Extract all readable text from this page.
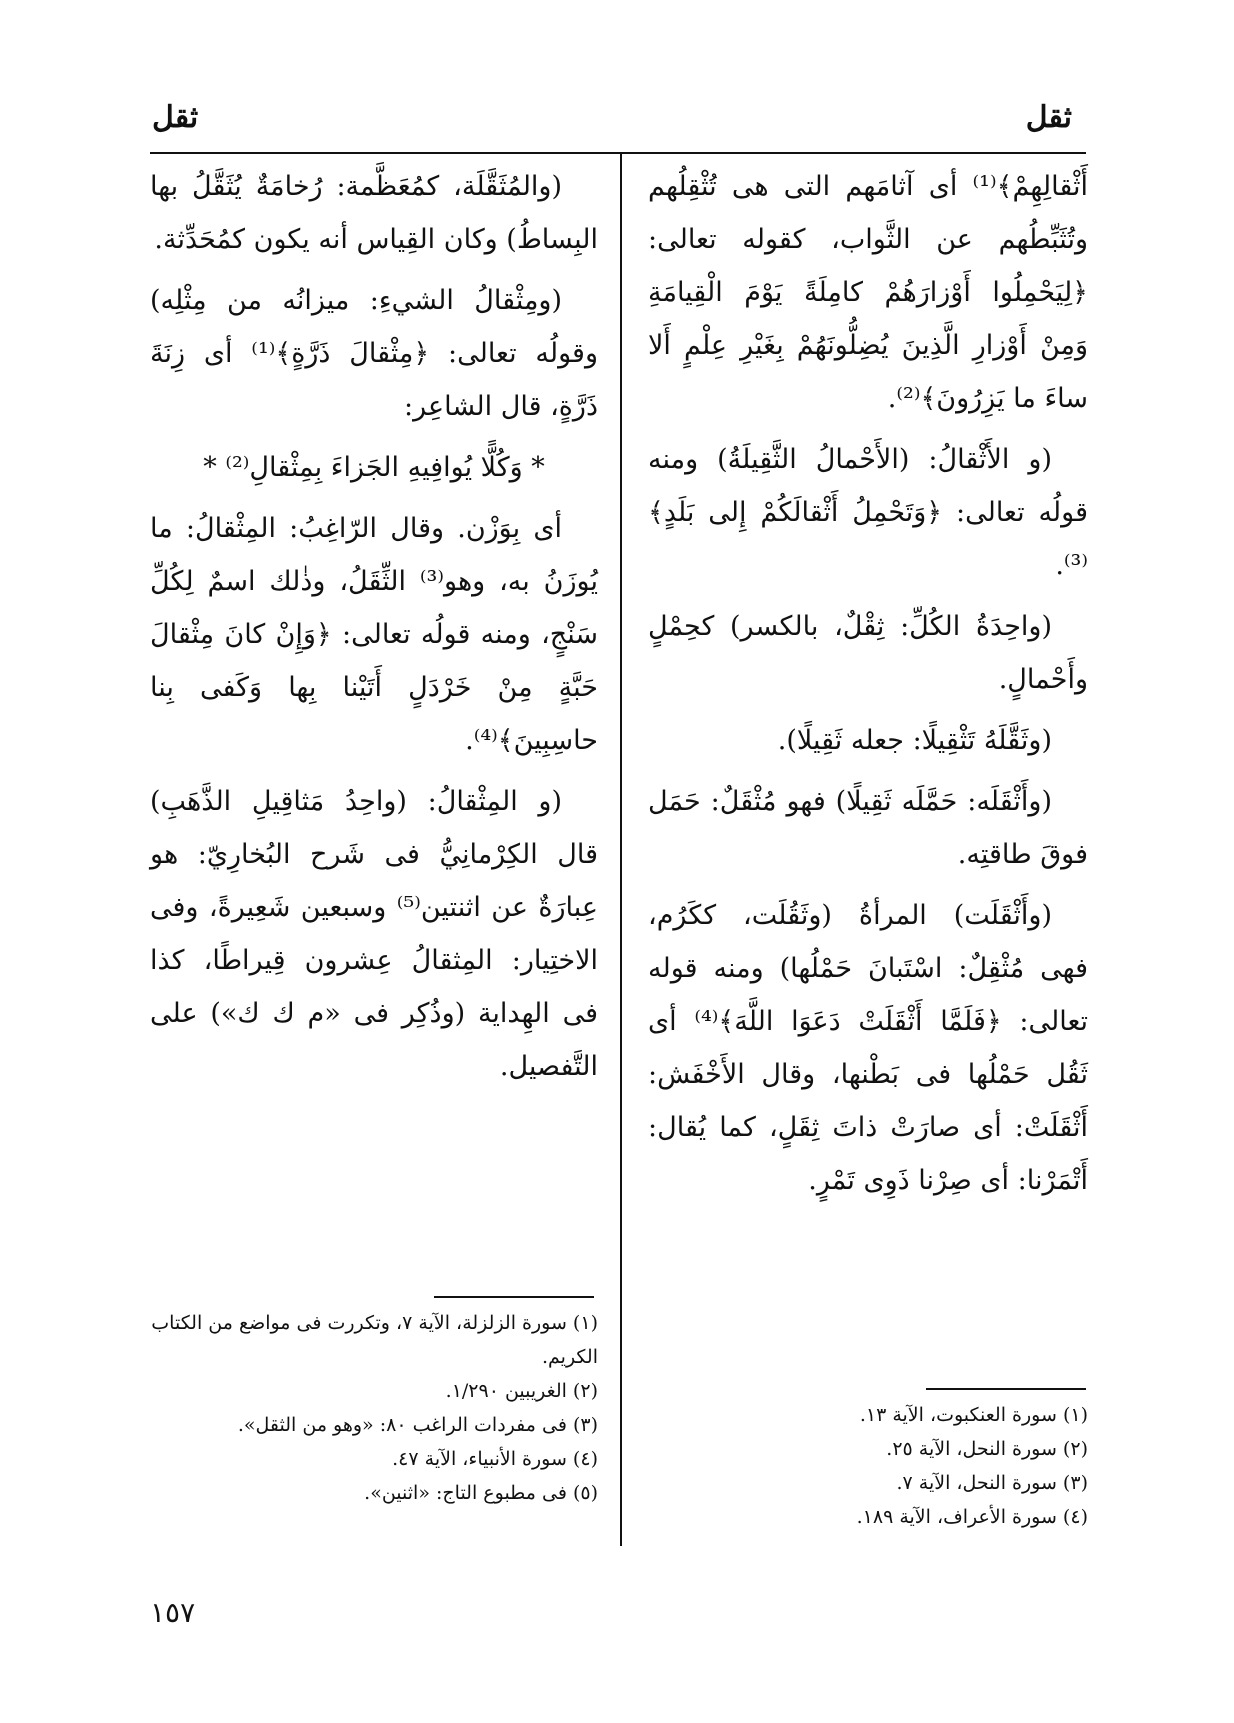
ثقل
ثقل

أَثْقالِهِمْ﴾⁽¹⁾ أى آثامَهم التى هى تُثْقِلُهم وتُثَبِّطُهم عن الثَّواب، كقوله تعالى: ﴿لِيَحْمِلُوا أَوْزارَهُمْ كامِلَةً يَوْمَ الْقِيامَةِ وَمِنْ أَوْزارِ الَّذِينَ يُضِلُّونَهُمْ بِغَيْرِ عِلْمٍ أَلا ساءَ ما يَزِرُونَ﴾⁽²⁾.

(و الأَثْقالُ: (الأَحْمالُ الثَّقِيلَةُ) ومنه قولُه تعالى: ﴿وَتَحْمِلُ أَثْقالَكُمْ إِلى بَلَدٍ﴾⁽³⁾.

(واحِدَةُ الكُلِّ: ثِقْلٌ، بالكسر) كحِمْلٍ وأَحْمالٍ.

(وثَقَّلَهُ تَثْقِيلًا: جعله ثَقِيلًا).

(وأَثْقَلَه: حَمَّلَه ثَقِيلًا) فهو مُثْقَلٌ: حَمَل فوقَ طاقتِه.

(وأَثْقَلَت) المرأةُ (وثَقُلَت، ككَرُم، فهى مُثْقِلٌ: اسْتَبانَ حَمْلُها) ومنه قوله تعالى: ﴿فَلَمَّا أَثْقَلَتْ دَعَوَا اللَّهَ﴾⁽⁴⁾ أى ثَقُل حَمْلُها فى بَطْنها، وقال الأَخْفَش: أَثْقَلَتْ: أى صارَتْ ذاتَ ثِقَلٍ، كما يُقال: أَتْمَرْنا: أى صِرْنا ذَوِى تَمْرٍ.

(والمُثَقَّلَة، كمُعَظَّمة: رُخامَةٌ يُثَقَّلُ بها البِساطُ) وكان القِياس أنه يكون كمُحَدِّثة.

(ومِثْقالُ الشيءِ: ميزانُه من مِثْلِه) وقولُه تعالى: ﴿مِثْقالَ ذَرَّةٍ﴾⁽¹⁾ أى زِنَةَ ذَرَّةٍ، قال الشاعِر:

* وَكُلًّا يُوافِيهِ الجَزاءَ بِمِثْقالِ⁽²⁾ *

أى بِوَزْن. وقال الرّاغِبُ: المِثْقالُ: ما يُوزَنُ به، وهو⁽³⁾ الثِّقَلُ، وذٰلك اسمٌ لِكُلِّ سَنْجٍ، ومنه قولُه تعالى: ﴿وَإِنْ كانَ مِثْقالَ حَبَّةٍ مِنْ خَرْدَلٍ أَتَيْنا بِها وَكَفى بِنا حاسِبِينَ﴾⁽⁴⁾.

(و المِثْقالُ: (واحِدُ مَثاقِيلِ الذَّهَبِ) قال الكِرْمانِيُّ فى شَرح البُخارِيّ: هو عِبارَةٌ عن اثنتين⁽⁵⁾ وسبعين شَعِيرةً، وفى الاختِيار: المِثقالُ عِشرون قِيراطًا، كذا فى الهِداية (وذُكِر فى «م ك ك») على التَّفصيل.

(١) سورة العنكبوت، الآية ١٣.

(٢) سورة النحل، الآية ٢٥.

(٣) سورة النحل، الآية ٧.

(٤) سورة الأعراف، الآية ١٨٩.

(١) سورة الزلزلة، الآية ٧، وتكررت فى مواضع من الكتاب الكريم.

(٢) الغريبين ١/٢٩٠.

(٣) فى مفردات الراغب ٨٠: «وهو من الثقل».

(٤) سورة الأنبياء، الآية ٤٧.

(٥) فى مطبوع التاج: «اثنين».

١٥٧
